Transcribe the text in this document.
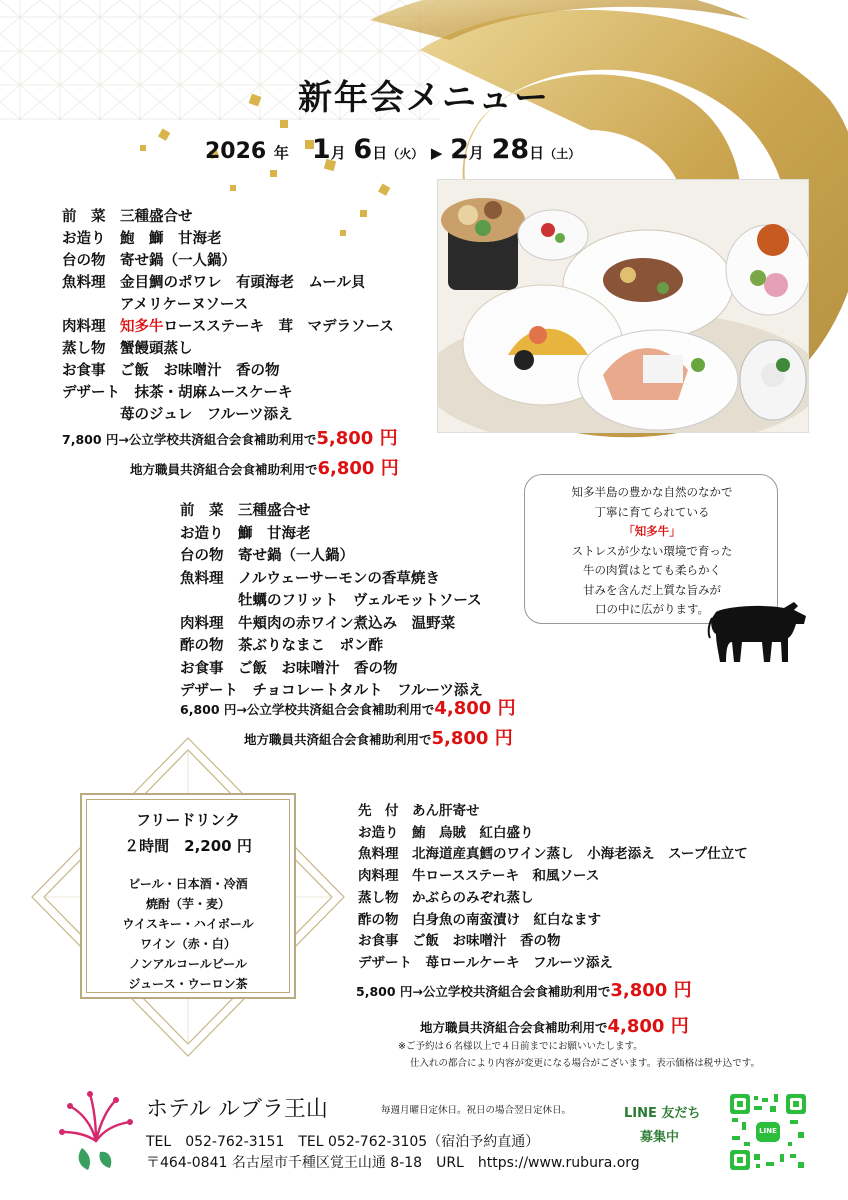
新年会メニュー
2026 年 1月 6日（火） ▶ 2月 28日（土）
前　菜　三種盛合せ
お造り　鮑　鰤　甘海老
台の物　寄せ鍋（一人鍋）
魚料理　金目鯛のポワレ　有頭海老　ムール貝
　　　　アメリケーヌソース
肉料理　知多牛ロースステーキ　茸　マデラソース
蒸し物　蟹饅頭蒸し
お食事　ご飯　お味噌汁　香の物
デザート　抹茶・胡麻ムースケーキ
　　　　苺のジュレ　フルーツ添え
7,800 円→公立学校共済組合会食補助利用で5,800 円
地方職員共済組合会食補助利用で6,800 円
前　菜　三種盛合せ
お造り　鰤　甘海老
台の物　寄せ鍋（一人鍋）
魚料理　ノルウェーサーモンの香草焼き
　　　　牡蠣のフリット　ヴェルモットソース
肉料理　牛頬肉の赤ワイン煮込み　温野菜
酢の物　茶ぶりなまこ　ポン酢
お食事　ご飯　お味噌汁　香の物
デザート　チョコレートタルト　フルーツ添え
6,800 円→公立学校共済組合会食補助利用で4,800 円
地方職員共済組合会食補助利用で5,800 円
先　付　あん肝寄せ
お造り　鮪　烏賊　紅白盛り
魚料理　北海道産真鱈のワイン蒸し　小海老添え　スープ仕立て
肉料理　牛ロースステーキ　和風ソース
蒸し物　かぶらのみぞれ蒸し
酢の物　白身魚の南蛮漬け　紅白なます
お食事　ご飯　お味噌汁　香の物
デザート　苺ロールケーキ　フルーツ添え
5,800 円→公立学校共済組合会食補助利用で3,800 円
地方職員共済組合会食補助利用で4,800 円
知多半島の豊かな自然のなかで
丁寧に育てられている
「知多牛」
ストレスが少ない環境で育った
牛の肉質はとても柔らかく
甘みを含んだ上質な旨みが
口の中に広がります。
フリードリンク
２時間　2,200 円
ビール・日本酒・冷酒
焼酎（芋・麦）
ウイスキー・ハイボール
ワイン（赤・白）
ノンアルコールビール
ジュース・ウーロン茶
※ご予約は６名様以上で４日前までにお願いいたします。
仕入れの都合により内容が変更になる場合がございます。表示価格は税サ込です。
ホテル ルブラ王山	毎週月曜日定休日。祝日の場合翌日定休日。
TEL　052-762-3151　TEL 052-762-3105（宿泊予約直通）
〒464-0841 名古屋市千種区覚王山通 8-18　URL　https://www.rubura.org
LINE 友だち
募集中	LINE
